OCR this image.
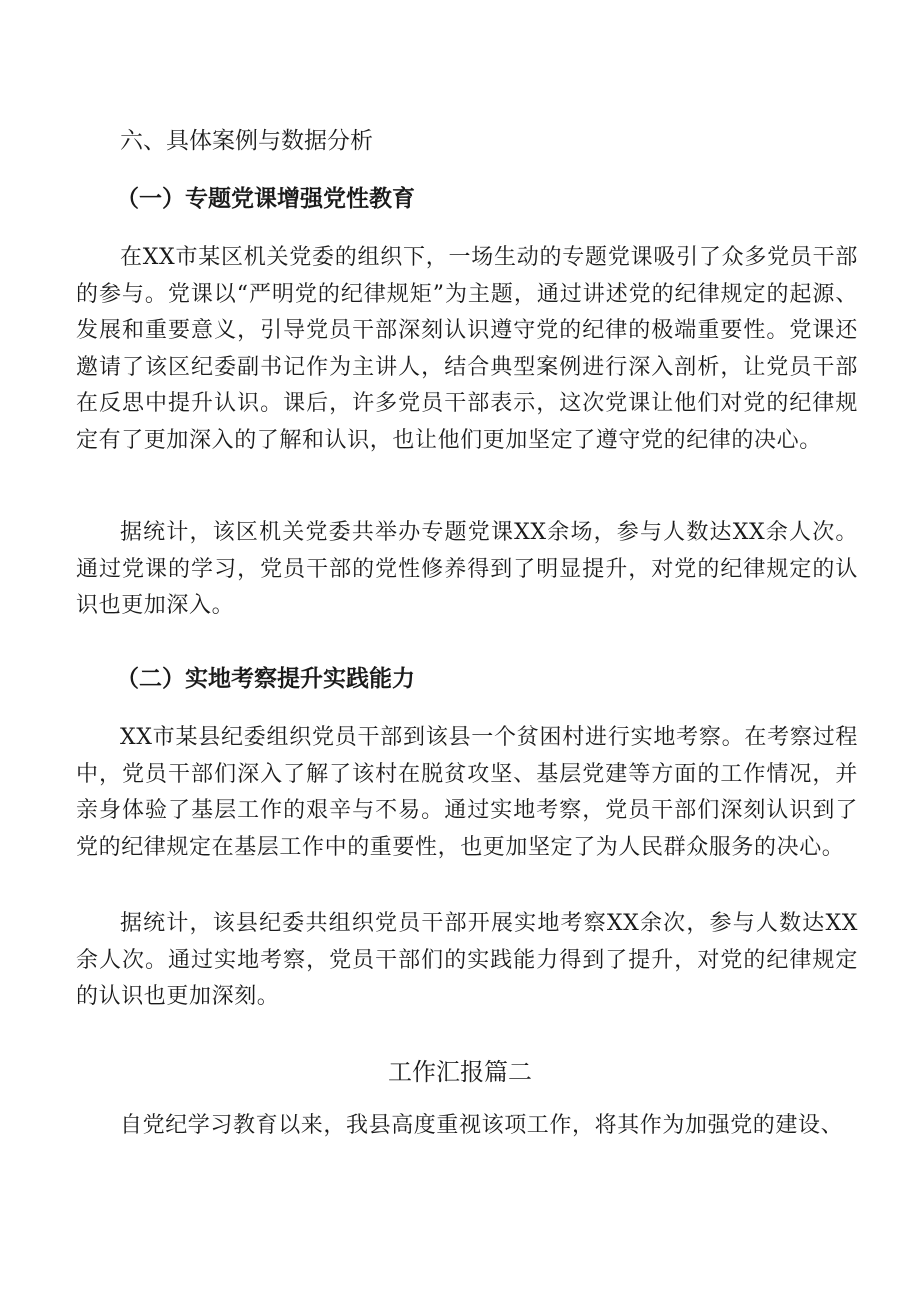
六、具体案例与数据分析
（一）专题党课增强党性教育

在XX市某区机关党委的组织下，一场生动的专题党课吸引了众多党员干部的参与。党课以“严明党的纪律规矩”为主题，通过讲述党的纪律规定的起源、发展和重要意义，引导党员干部深刻认识遵守党的纪律的极端重要性。党课还邀请了该区纪委副书记作为主讲人，结合典型案例进行深入剖析，让党员干部在反思中提升认识。课后，许多党员干部表示，这次党课让他们对党的纪律规定有了更加深入的了解和认识，也让他们更加坚定了遵守党的纪律的决心。

据统计，该区机关党委共举办专题党课XX余场，参与人数达XX余人次。通过党课的学习，党员干部的党性修养得到了明显提升，对党的纪律规定的认识也更加深入。

（二）实地考察提升实践能力

XX市某县纪委组织党员干部到该县一个贫困村进行实地考察。在考察过程中，党员干部们深入了解了该村在脱贫攻坚、基层党建等方面的工作情况，并亲身体验了基层工作的艰辛与不易。通过实地考察，党员干部们深刻认识到了党的纪律规定在基层工作中的重要性，也更加坚定了为人民群众服务的决心。

据统计，该县纪委共组织党员干部开展实地考察XX余次，参与人数达XX余人次。通过实地考察，党员干部们的实践能力得到了提升，对党的纪律规定的认识也更加深刻。

工作汇报篇二

自党纪学习教育以来，我县高度重视该项工作，将其作为加强党的建设、
